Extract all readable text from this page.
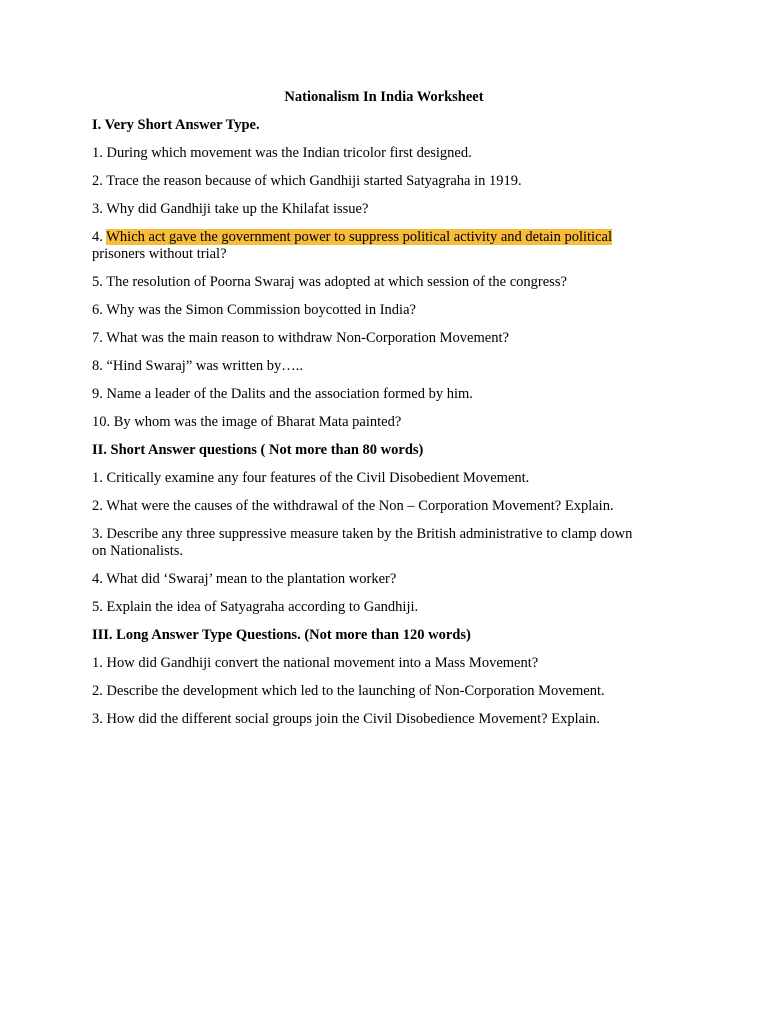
Nationalism In India Worksheet
I. Very Short Answer Type.
1. During which movement was the Indian tricolor first designed.
2. Trace the reason because of which Gandhiji started Satyagraha in 1919.
3. Why did Gandhiji take up the Khilafat issue?
4. Which act gave the government power to suppress political activity and detain political
prisoners without trial?
5. The resolution of Poorna Swaraj was adopted at which session of the congress?
6. Why was the Simon Commission boycotted in India?
7. What was the main reason to withdraw Non-Corporation Movement?
8. “Hind Swaraj” was written by…..
9. Name a leader of the Dalits and the association formed by him.
10. By whom was the image of Bharat Mata painted?
II. Short Answer questions ( Not more than 80 words)
1. Critically examine any four features of the Civil Disobedient Movement.
2. What were the causes of the withdrawal of the Non – Corporation Movement? Explain.
3. Describe any three suppressive measure taken by the British administrative to clamp down
on Nationalists.
4. What did ‘Swaraj’ mean to the plantation worker?
5. Explain the idea of Satyagraha according to Gandhiji.
III. Long Answer Type Questions. (Not more than 120 words)
1. How did Gandhiji convert the national movement into a Mass Movement?
2. Describe the development which led to the launching of Non-Corporation Movement.
3. How did the different social groups join the Civil Disobedience Movement? Explain.
